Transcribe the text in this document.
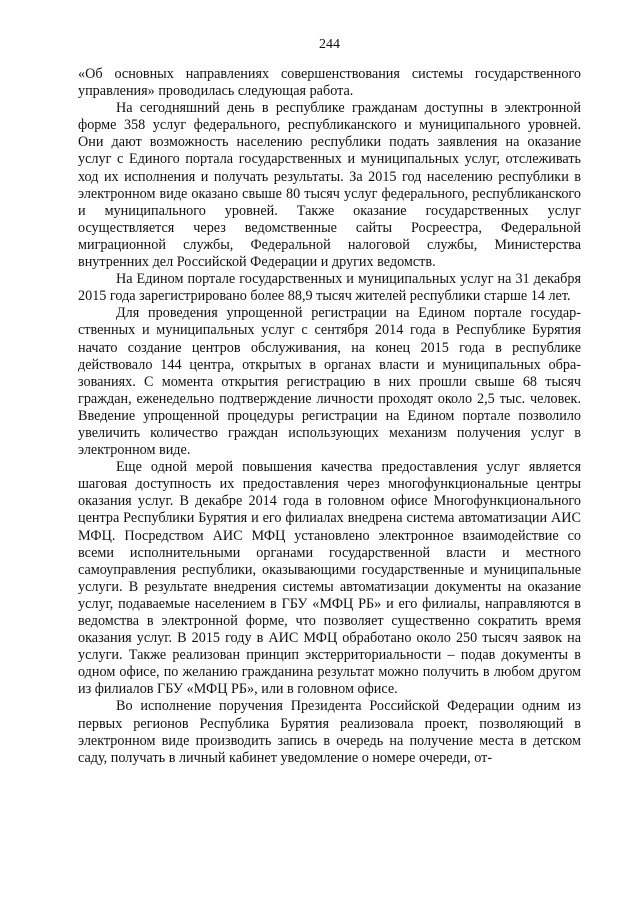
244

«Об основных направлениях совершенствования системы государственного управления» проводилась следующая работа.

На сегодняшний день в республике гражданам доступны в электронной форме 358 услуг федерального, республиканского и муниципального уровней. Они дают возможность населению республики подать заявления на оказание услуг с Единого портала государственных и муниципальных услуг, отслеживать ход их исполнения и получать результаты. За 2015 год населению республики в электронном виде оказано свыше 80 тысяч услуг федерального, республиканского и муниципального уровней. Также оказание государственных услуг осуществляется через ведомственные сайты Росреестра, Федеральной миграционной службы, Федеральной налоговой службы, Министерства внутренних дел Российской Федерации и других ведомств.

На Едином портале государственных и муниципальных услуг на 31 декабря 2015 года зарегистрировано более 88,9 тысяч жителей республики старше 14 лет.

Для проведения упрощенной регистрации на Едином портале государственных и муниципальных услуг с сентября 2014 года в Республике Бурятия начато создание центров обслуживания, на конец 2015 года в республике действовало 144 центра, открытых в органах власти и муниципальных образованиях. С момента открытия регистрацию в них прошли свыше 68 тысяч граждан, еженедельно подтверждение личности проходят около 2,5 тыс. человек. Введение упрощенной процедуры регистрации на Едином портале позволило увеличить количество граждан использующих механизм получения услуг в электронном виде.

Еще одной мерой повышения качества предоставления услуг является шаговая доступность их предоставления через многофункциональные центры оказания услуг. В декабре 2014 года в головном офисе Многофункционального центра Республики Бурятия и его филиалах внедрена система автоматизации АИС МФЦ. Посредством АИС МФЦ установлено электронное взаимодействие со всеми исполнительными органами государственной власти и местного самоуправления республики, оказывающими государственные и муниципальные услуги. В результате внедрения системы автоматизации документы на оказание услуг, подаваемые населением в ГБУ «МФЦ РБ» и его филиалы, направляются в ведомства в электронной форме, что позволяет существенно сократить время оказания услуг. В 2015 году в АИС МФЦ обработано около 250 тысяч заявок на услуги. Также реализован принцип экстерриториальности – подав документы в одном офисе, по желанию гражданина результат можно получить в любом другом из филиалов ГБУ «МФЦ РБ», или в головном офисе.

Во исполнение поручения Президента Российской Федерации одним из первых регионов Республика Бурятия реализовала проект, позволяющий в электронном виде производить запись в очередь на получение места в детском саду, получать в личный кабинет уведомление о номере очереди, от-
